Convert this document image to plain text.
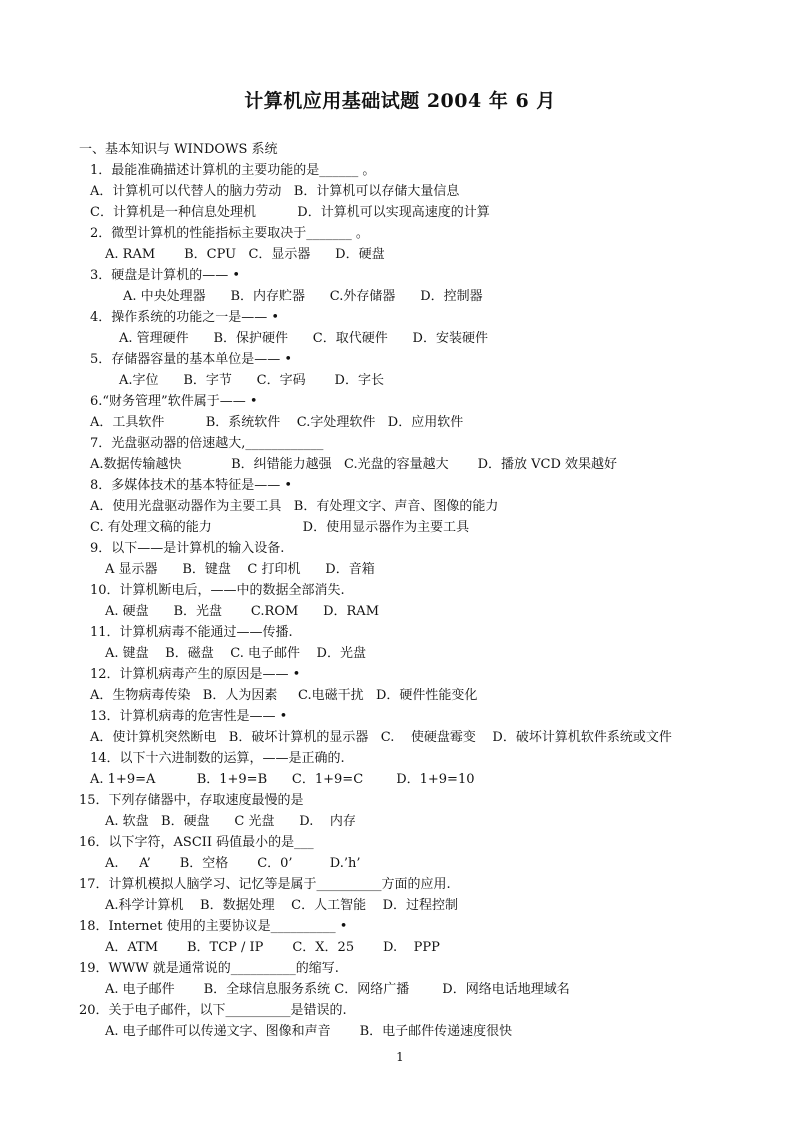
计算机应用基础试题 2004 年 6 月
一、基本知识与 WINDOWS 系统
1．最能准确描述计算机的主要功能的是______ 。
A．计算机可以代替人的脑力劳动   B．计算机可以存储大量信息
C．计算机是一种信息处理机          D．计算机可以实现高速度的计算
2．微型计算机的性能指标主要取决于_______ 。
A. RAM       B．CPU   C．显示器      D．硬盘
3．硬盘是计算机的—— •
A. 中央处理器      B．内存贮器      C.外存储器      D．控制器
4．操作系统的功能之一是—— •
A. 管理硬件      B．保护硬件      C．取代硬件      D．安装硬件
5．存储器容量的基本单位是—— •
A.字位      B．字节      C．字码       D．字长
6.“财务管理”软件属于—— •
A．工具软件          B．系统软件    C.字处理软件   D．应用软件
7．光盘驱动器的倍速越大,____________
A.数据传输越快            B．纠错能力越强   C.光盘的容量越大       D．播放 VCD 效果越好
8．多媒体技术的基本特征是—— •
A．使用光盘驱动器作为主要工具   B．有处理文字、声音、图像的能力
C. 有处理文稿的能力                      D．使用显示器作为主要工具
9．以下——是计算机的输入设备.
A 显示器      B．键盘    C 打印机      D．音箱
10．计算机断电后，——中的数据全部消失.
A. 硬盘      B．光盘       C.ROM      D．RAM
11．计算机病毒不能通过——传播.
A. 键盘    B．磁盘    C. 电子邮件    D．光盘
12．计算机病毒产生的原因是—— •
A．生物病毒传染   B．人为因素     C.电磁干扰   D．硬件性能变化
13．计算机病毒的危害性是—— •
A．使计算机突然断电   B．破坏计算机的显示器   C.    使硬盘霉变    D．破坏计算机软件系统或文件
14．以下十六进制数的运算，——是正确的.
A. 1+9=A          B．1+9=B      C．1+9=C        D．1+9=10
15．下列存储器中，存取速度最慢的是
A. 软盘   B．硬盘      C 光盘      D.    内存
16．以下字符，ASCII 码值最小的是___
A.     A’       B．空格       C．0’         D.’h’
17．计算机模拟人脑学习、记忆等是属于__________方面的应用.
A.科学计算机    B．数据处理    C．人工智能    D．过程控制
18．Internet 使用的主要协议是__________ •
A．ATM       B．TCP / IP       C．X．25       D.    PPP
19．WWW 就是通常说的__________的缩写.
A. 电子邮件       B．全球信息服务系统 C．网络广播        D．网络电话地理域名
20．关于电子邮件，以下__________是错误的.
A. 电子邮件可以传递文字、图像和声音       B．电子邮件传递速度很快
1
